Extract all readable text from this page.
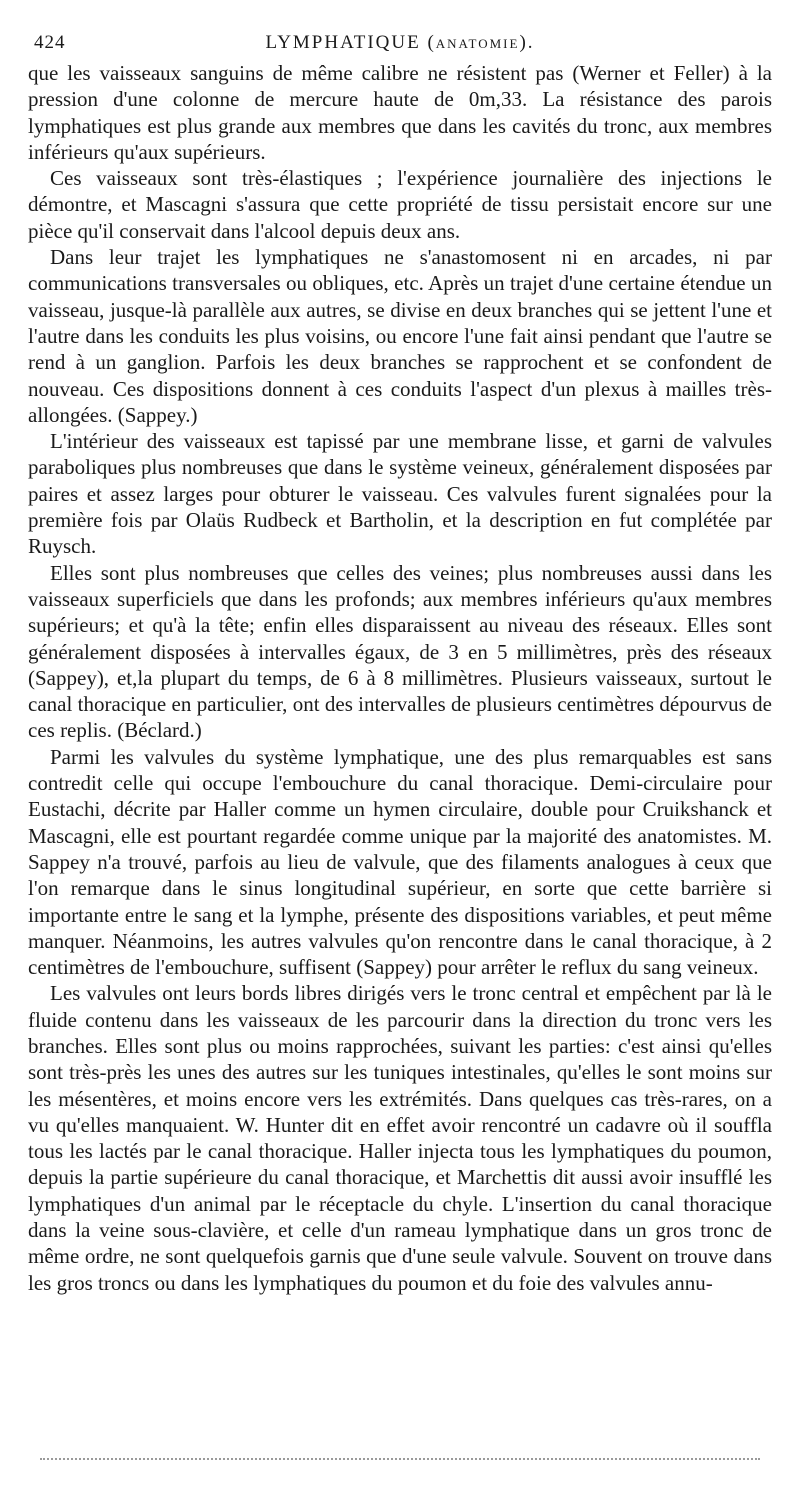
424	LYMPHATIQUE (ANATOMIE).

que les vaisseaux sanguins de même calibre ne résistent pas (Werner et Feller) à la pression d'une colonne de mercure haute de 0m,33. La résistance des parois lymphatiques est plus grande aux membres que dans les cavités du tronc, aux membres inférieurs qu'aux supérieurs.

Ces vaisseaux sont très-élastiques ; l'expérience journalière des injections le démontre, et Mascagni s'assura que cette propriété de tissu persistait encore sur une pièce qu'il conservait dans l'alcool depuis deux ans.

Dans leur trajet les lymphatiques ne s'anastomosent ni en arcades, ni par communications transversales ou obliques, etc. Après un trajet d'une certaine étendue un vaisseau, jusque-là parallèle aux autres, se divise en deux branches qui se jettent l'une et l'autre dans les conduits les plus voisins, ou encore l'une fait ainsi pendant que l'autre se rend à un ganglion. Parfois les deux branches se rapprochent et se confondent de nouveau. Ces dispositions donnent à ces conduits l'aspect d'un plexus à mailles très-allongées. (Sappey.)

L'intérieur des vaisseaux est tapissé par une membrane lisse, et garni de valvules paraboliques plus nombreuses que dans le système veineux, généralement disposées par paires et assez larges pour obturer le vaisseau. Ces valvules furent signalées pour la première fois par Olaüs Rudbeck et Bartholin, et la description en fut complétée par Ruysch.

Elles sont plus nombreuses que celles des veines; plus nombreuses aussi dans les vaisseaux superficiels que dans les profonds; aux membres inférieurs qu'aux membres supérieurs; et qu'à la tête; enfin elles disparaissent au niveau des réseaux. Elles sont généralement disposées à intervalles égaux, de 3 en 5 millimètres, près des réseaux (Sappey), et,la plupart du temps, de 6 à 8 millimètres. Plusieurs vaisseaux, surtout le canal thoracique en particulier, ont des intervalles de plusieurs centimètres dépourvus de ces replis. (Béclard.)

Parmi les valvules du système lymphatique, une des plus remarquables est sans contredit celle qui occupe l'embouchure du canal thoracique. Demi-circulaire pour Eustachi, décrite par Haller comme un hymen circulaire, double pour Cruikshanck et Mascagni, elle est pourtant regardée comme unique par la majorité des anatomistes. M. Sappey n'a trouvé, parfois au lieu de valvule, que des filaments analogues à ceux que l'on remarque dans le sinus longitudinal supérieur, en sorte que cette barrière si importante entre le sang et la lymphe, présente des dispositions variables, et peut même manquer. Néanmoins, les autres valvules qu'on rencontre dans le canal thoracique, à 2 centimètres de l'embouchure, suffisent (Sappey) pour arrêter le reflux du sang veineux.

Les valvules ont leurs bords libres dirigés vers le tronc central et empêchent par là le fluide contenu dans les vaisseaux de les parcourir dans la direction du tronc vers les branches. Elles sont plus ou moins rapprochées, suivant les parties: c'est ainsi qu'elles sont très-près les unes des autres sur les tuniques intestinales, qu'elles le sont moins sur les mésentères, et moins encore vers les extrémités. Dans quelques cas très-rares, on a vu qu'elles manquaient. W. Hunter dit en effet avoir rencontré un cadavre où il souffla tous les lactés par le canal thoracique. Haller injecta tous les lymphatiques du poumon, depuis la partie supérieure du canal thoracique, et Marchettis dit aussi avoir insufflé les lymphatiques d'un animal par le réceptacle du chyle. L'insertion du canal thoracique dans la veine sous-clavière, et celle d'un rameau lymphatique dans un gros tronc de même ordre, ne sont quelquefois garnis que d'une seule valvule. Souvent on trouve dans les gros troncs ou dans les lymphatiques du poumon et du foie des valvules annu-
